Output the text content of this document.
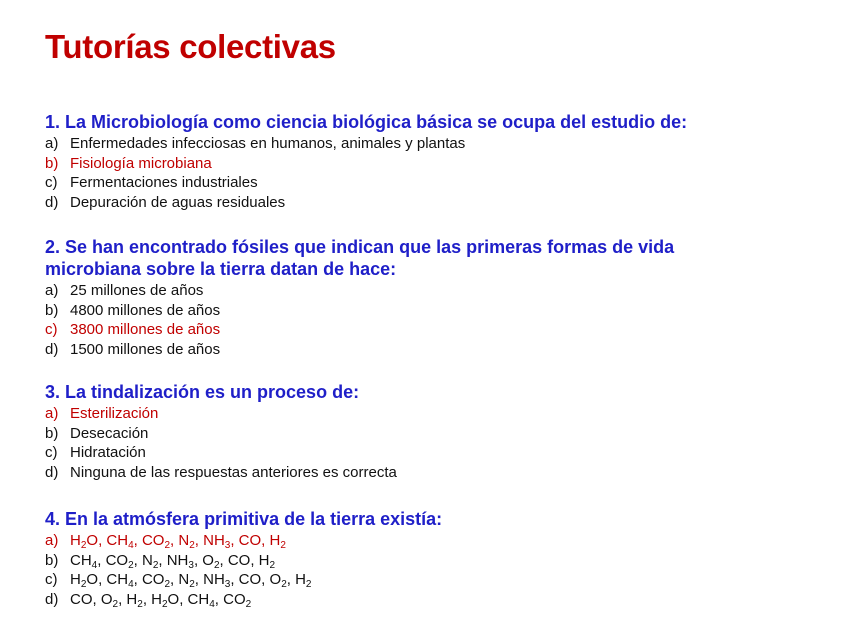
Tutorías colectivas

1. La Microbiología como ciencia biológica básica se ocupa del estudio de:

a) Enfermedades infecciosas en humanos, animales y plantas
b) Fisiología microbiana
c) Fermentaciones industriales
d) Depuración de aguas residuales

2. Se han encontrado fósiles que indican que las primeras formas de vida
microbiana sobre la tierra datan de hace:

a) 25 millones de años
b) 4800 millones de años
c) 3800 millones de años
d) 1500 millones de años

3. La tindalización es un proceso de:

a) Esterilización
b) Desecación
c) Hidratación
d) Ninguna de las respuestas anteriores es correcta

4. En la atmósfera primitiva de la tierra existía:

a) $H_2O$, $CH_4$, $CO_2$, $N_2$, $NH_3$, CO, $H_2$
b) $CH_4$, $CO_2$, $N_2$, $NH_3$, $O_2$, CO, $H_2$
c) $H_2O$, $CH_4$, $CO_2$, $N_2$, $NH_3$, CO, $O_2$, $H_2$
d) CO, $O_2$, $H_2$, $H_2O$, $CH_4$, $CO_2$
